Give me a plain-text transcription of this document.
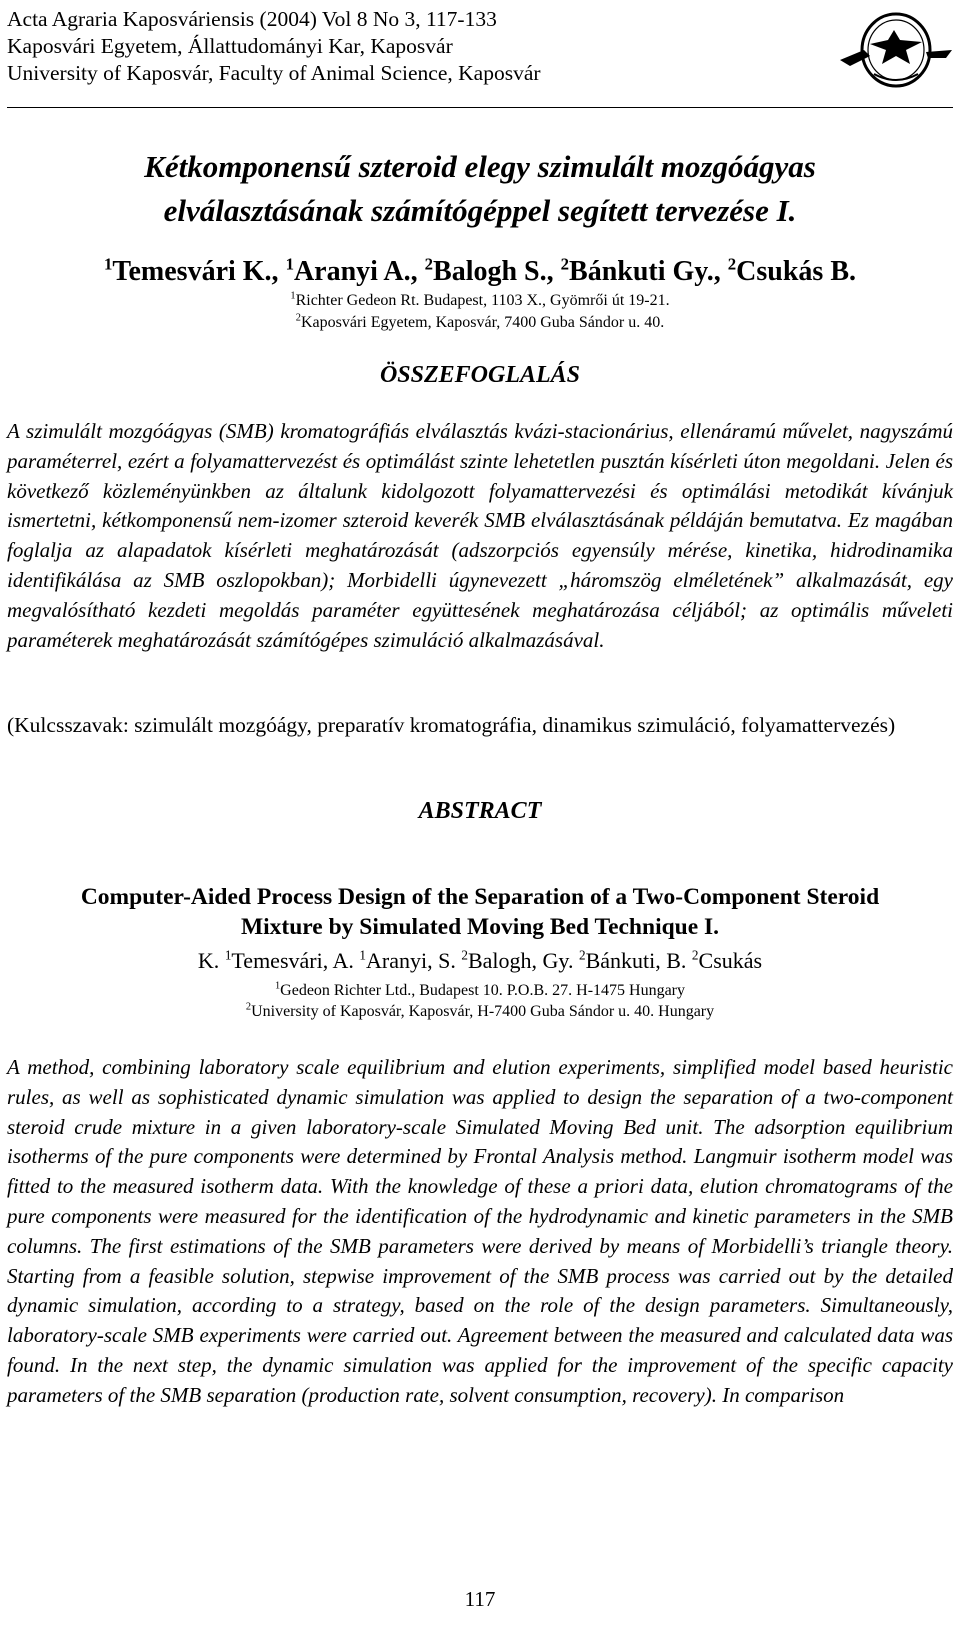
Acta Agraria Kaposváriensis (2004) Vol 8 No 3, 117-133
Kaposvári Egyetem, Állattudományi Kar, Kaposvár
University of Kaposvár, Faculty of Animal Science, Kaposvár
Kétkomponensű szteroid elegy szimulált mozgóágyas
elválasztásának számítógéppel segített tervezése I.
$^1$Temesvári K., $^1$Aranyi A., $^2$Balogh S., $^2$Bánkuti Gy., $^2$Csukás B.
$^1$Richter Gedeon Rt. Budapest, 1103 X., Gyömrői út 19-21.
$^2$Kaposvári Egyetem, Kaposvár, 7400 Guba Sándor u. 40.
ÖSSZEFOGLALÁS
A szimulált mozgóágyas (SMB) kromatográfiás elválasztás kvázi-stacionárius, ellenáramú művelet, nagyszámú paraméterrel, ezért a folyamattervezést és optimálást szinte lehetetlen pusztán kísérleti úton megoldani. Jelen és következő közleményünkben az általunk kidolgozott folyamattervezési és optimálási metodikát kívánjuk ismertetni, kétkomponensű nem-izomer szteroid keverék SMB elválasztásának példáján bemutatva. Ez magában foglalja az alapadatok kísérleti meghatározását (adszorpciós egyensúly mérése, kinetika, hidrodinamika identifikálása az SMB oszlopokban); Morbidelli úgynevezett „háromszög elméletének” alkalmazását, egy megvalósítható kezdeti megoldás paraméter együttesének meghatározása céljából; az optimális műveleti paraméterek meghatározását számítógépes szimuláció alkalmazásával.
(Kulcsszavak: szimulált mozgóágy, preparatív kromatográfia, dinamikus szimuláció, folyamattervezés)
ABSTRACT
Computer-Aided Process Design of the Separation of a Two-Component Steroid
Mixture by Simulated Moving Bed Technique I.
K. $^1$Temesvári, A. $^1$Aranyi, S. $^2$Balogh, Gy. $^2$Bánkuti, B. $^2$Csukás
$^1$Gedeon Richter Ltd., Budapest 10. P.O.B. 27. H-1475 Hungary
$^2$University of Kaposvár, Kaposvár, H-7400 Guba Sándor u. 40. Hungary
A method, combining laboratory scale equilibrium and elution experiments, simplified model based heuristic rules, as well as sophisticated dynamic simulation was applied to design the separation of a two-component steroid crude mixture in a given laboratory-scale Simulated Moving Bed unit. The adsorption equilibrium isotherms of the pure components were determined by Frontal Analysis method. Langmuir isotherm model was fitted to the measured isotherm data. With the knowledge of these a priori data, elution chromatograms of the pure components were measured for the identification of the hydrodynamic and kinetic parameters in the SMB columns. The first estimations of the SMB parameters were derived by means of Morbidelli’s triangle theory. Starting from a feasible solution, stepwise improvement of the SMB process was carried out by the detailed dynamic simulation, according to a strategy, based on the role of the design parameters. Simultaneously, laboratory-scale SMB experiments were carried out. Agreement between the measured and calculated data was found. In the next step, the dynamic simulation was applied for the improvement of the specific capacity parameters of the SMB separation (production rate, solvent consumption, recovery). In comparison
117
